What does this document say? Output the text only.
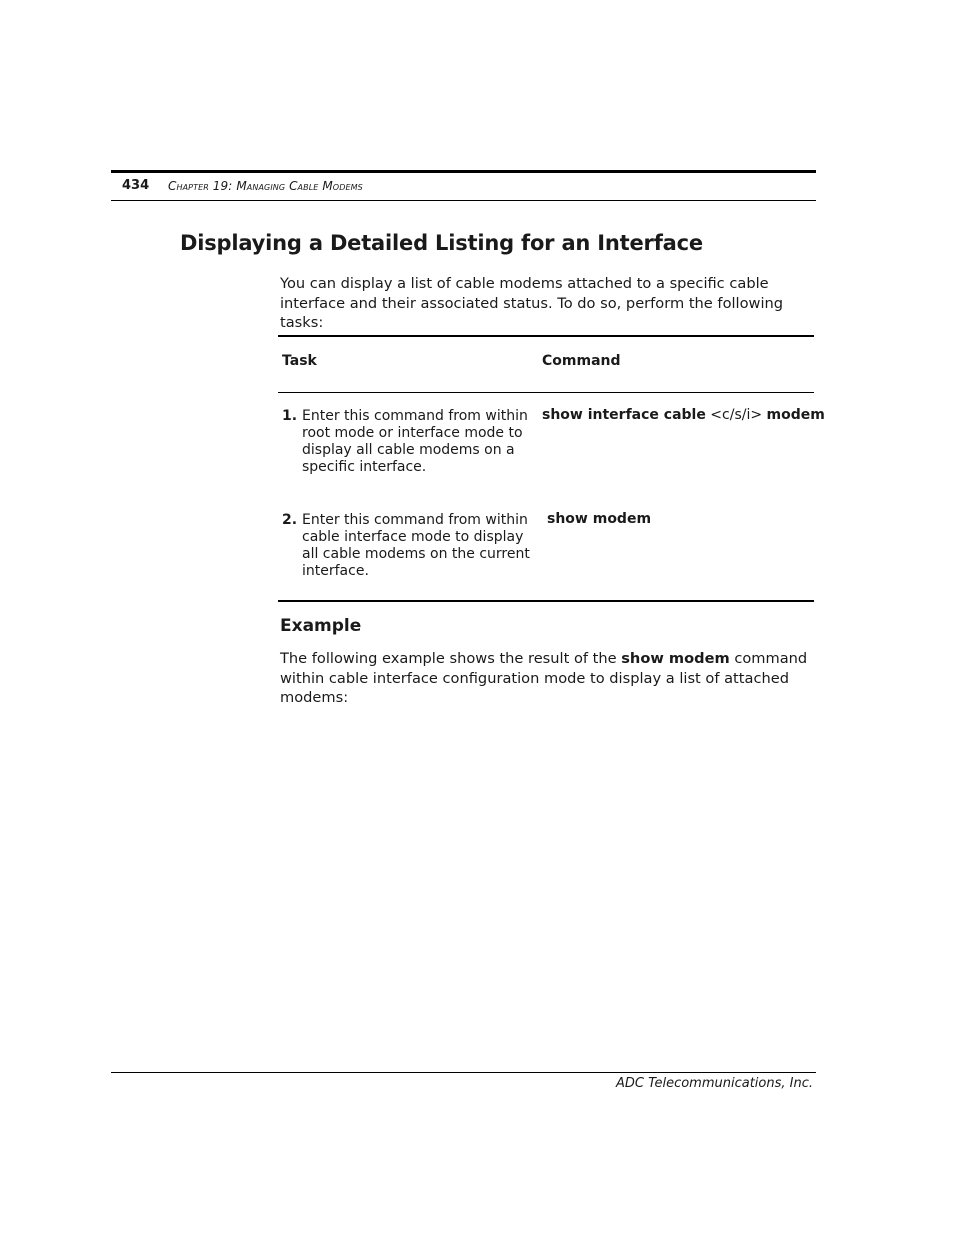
434 Chapter 19: Managing Cable Modems
Displaying a Detailed Listing for an Interface
You can display a list of cable modems attached to a specific cable interface and their associated status. To do so, perform the following tasks:
Task	Command
1. Enter this command from within root mode or interface mode to display all cable modems on a specific interface.
show interface cable <c/s/i> modem
2. Enter this command from within cable interface mode to display all cable modems on the current interface.
show modem
Example
The following example shows the result of the show modem command within cable interface configuration mode to display a list of attached modems:
ADC Telecommunications, Inc.
